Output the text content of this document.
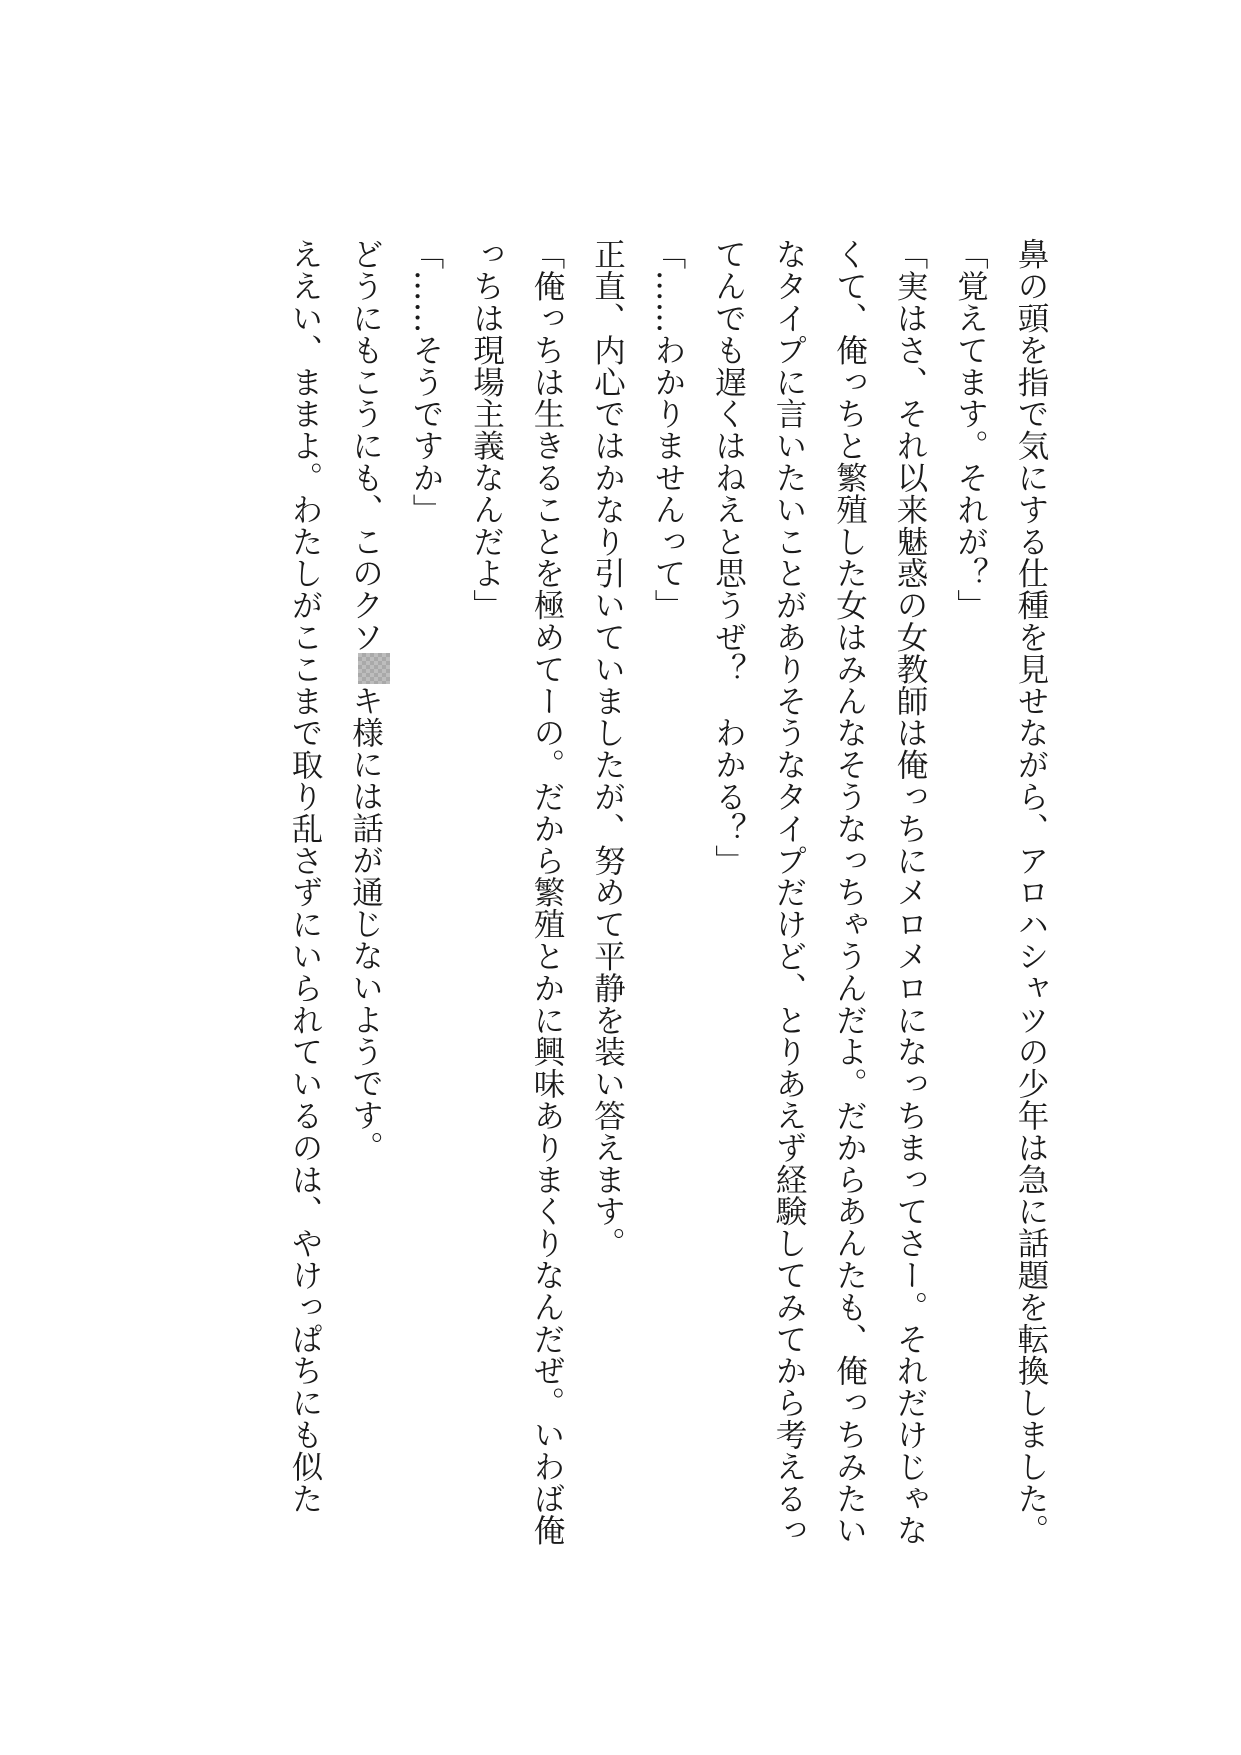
鼻の頭を指で気にする仕種を見せながら、アロハシャツの少年は急に話題を転換しました。

「覚えてます。それが？」

「実はさ、それ以来魅惑の女教師は俺っちにメロメロになっちまってさー。それだけじゃな

くて、俺っちと繁殖した女はみんなそうなっちゃうんだよ。だからあんたも、俺っちみたい

なタイプに言いたいことがありそうなタイプだけど、とりあえず経験してみてから考えるっ

てんでも遅くはねえと思うぜ？　わかる？」

「……わかりませんって」

正直、内心ではかなり引いていましたが、努めて平静を装い答えます。

「俺っちは生きることを極めてーの。だから繁殖とかに興味ありまくりなんだぜ。いわば俺

っちは現場主義なんだよ」

「……そうですか」

どうにもこうにも、このクソキ様には話が通じないようです。

ええい、ままよ。わたしがここまで取り乱さずにいられているのは、やけっぱちにも似た
